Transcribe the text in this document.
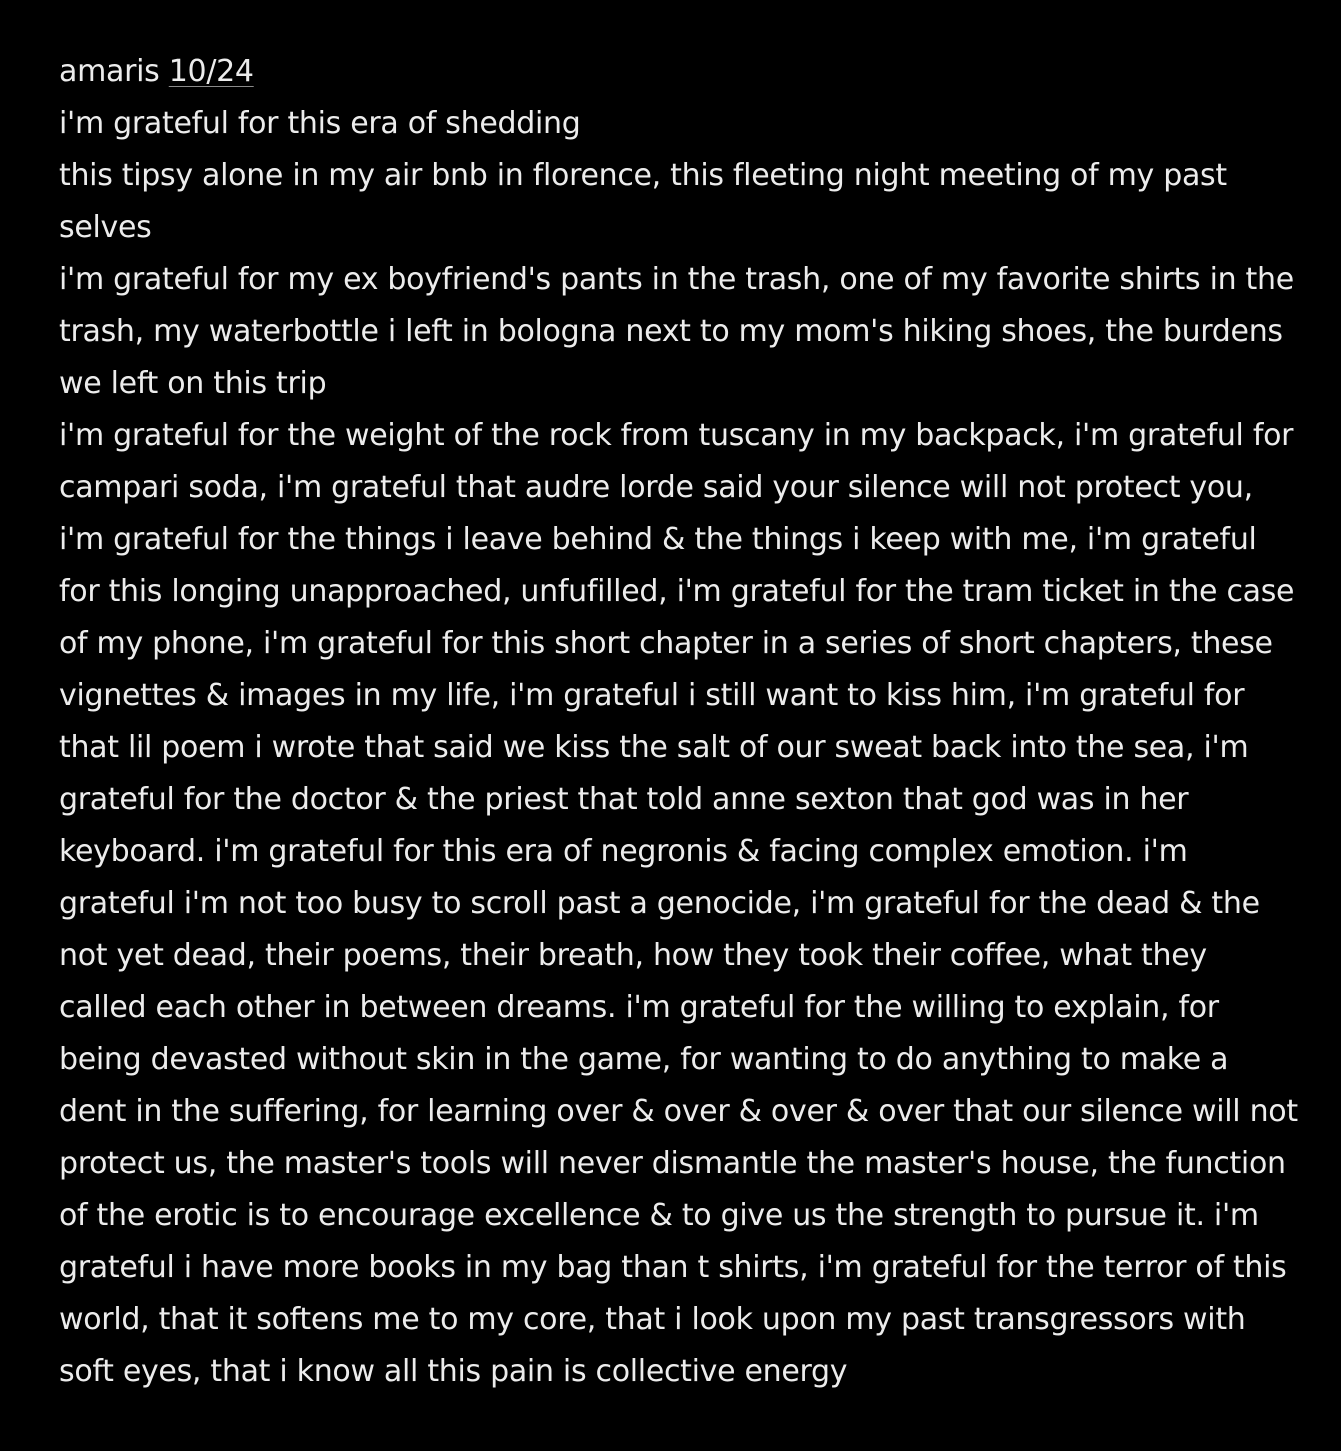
amaris 10/24
i'm grateful for this era of shedding
this tipsy alone in my air bnb in florence, this fleeting night meeting of my past selves
i'm grateful for my ex boyfriend's pants in the trash, one of my favorite shirts in the trash, my waterbottle i left in bologna next to my mom's hiking shoes, the burdens we left on this trip
i'm grateful for the weight of the rock from tuscany in my backpack, i'm grateful for campari soda, i'm grateful that audre lorde said your silence will not protect you, i'm grateful for the things i leave behind & the things i keep with me, i'm grateful for this longing unapproached, unfufilled, i'm grateful for the tram ticket in the case of my phone, i'm grateful for this short chapter in a series of short chapters, these vignettes & images in my life, i'm grateful i still want to kiss him, i'm grateful for that lil poem i wrote that said we kiss the salt of our sweat back into the sea, i'm grateful for the doctor & the priest that told anne sexton that god was in her keyboard. i'm grateful for this era of negronis & facing complex emotion. i'm grateful i'm not too busy to scroll past a genocide, i'm grateful for the dead & the not yet dead, their poems, their breath, how they took their coffee, what they called each other in between dreams. i'm grateful for the willing to explain, for being devasted without skin in the game, for wanting to do anything to make a dent in the suffering, for learning over & over & over & over that our silence will not protect us, the master's tools will never dismantle the master's house, the function of the erotic is to encourage excellence & to give us the strength to pursue it. i'm grateful i have more books in my bag than t shirts, i'm grateful for the terror of this world, that it softens me to my core, that i look upon my past transgressors with soft eyes, that i know all this pain is collective energy
